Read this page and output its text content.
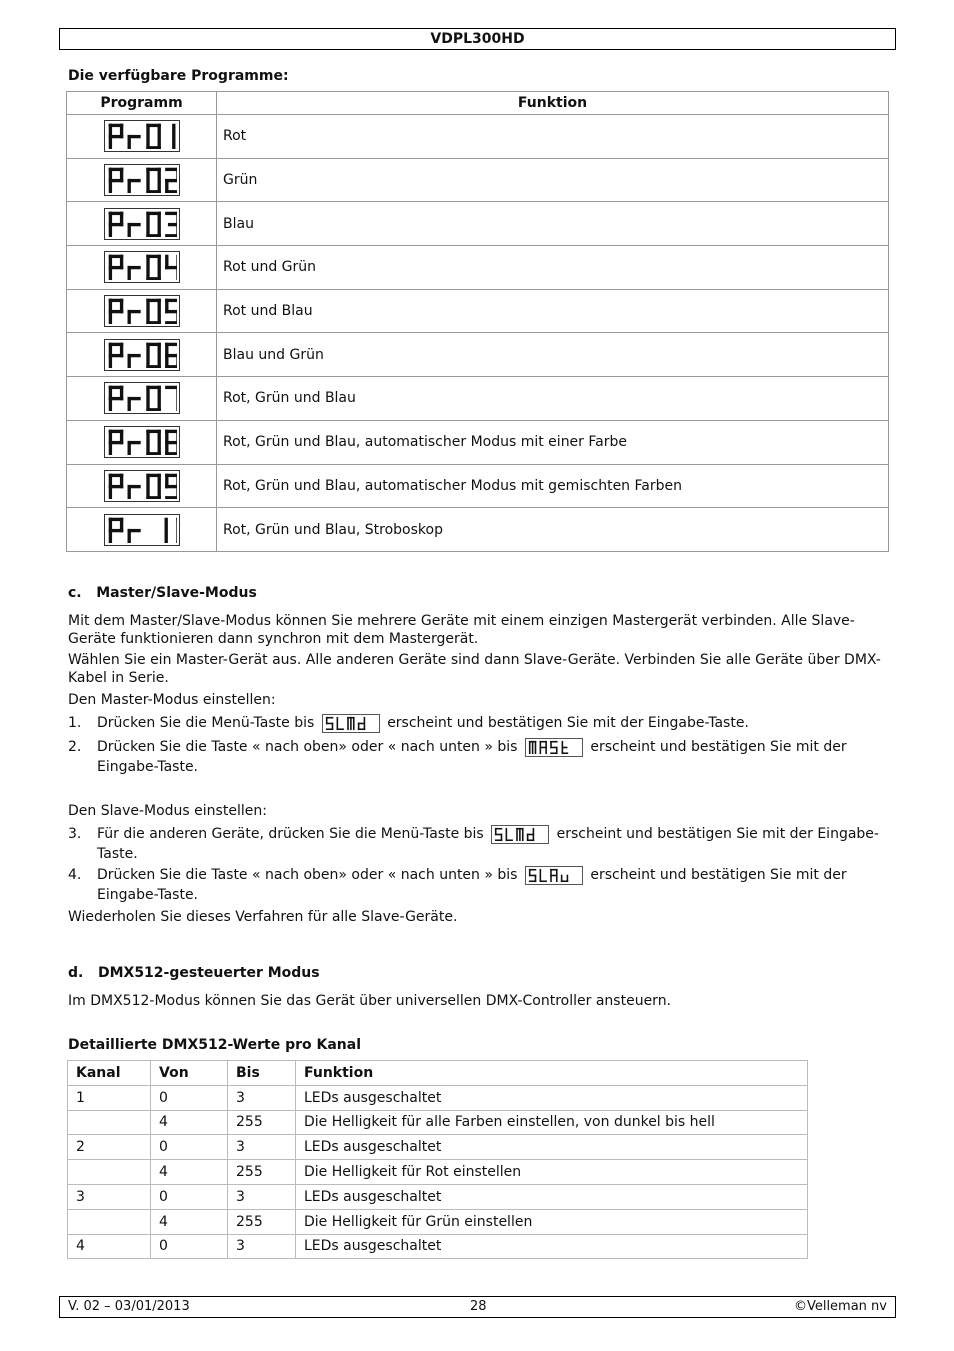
VDPL300HD
Die verfügbare Programme:
Programm	Funktion

	Rot

	Grün

	Blau

	Rot und Grün

	Rot und Blau

	Blau und Grün

	Rot, Grün und Blau

	Rot, Grün und Blau, automatischer Modus mit einer Farbe

	Rot, Grün und Blau, automatischer Modus mit gemischten Farben

	Rot, Grün und Blau, Stroboskop
c. Master/Slave-Modus
Mit dem Master/Slave-Modus können Sie mehrere Geräte mit einem einzigen Mastergerät verbinden. Alle Slave-Geräte funktionieren dann synchron mit dem Mastergerät.
Wählen Sie ein Master-Gerät aus. Alle anderen Geräte sind dann Slave-Geräte. Verbinden Sie alle Geräte über DMX-Kabel in Serie.
Den Master-Modus einstellen:
1.	Drücken Sie die Menü-Taste bis	erscheint und bestätigen Sie mit der Eingabe-Taste.
2.	Drücken Sie die Taste « nach oben» oder « nach unten » bis	erscheint und bestätigen Sie mit der Eingabe-Taste.
Den Slave-Modus einstellen:
3.	Für die anderen Geräte, drücken Sie die Menü-Taste bis	erscheint und bestätigen Sie mit der Eingabe-Taste.
4.	Drücken Sie die Taste « nach oben» oder « nach unten » bis	erscheint und bestätigen Sie mit der Eingabe-Taste.
Wiederholen Sie dieses Verfahren für alle Slave-Geräte.
d. DMX512-gesteuerter Modus
Im DMX512-Modus können Sie das Gerät über universellen DMX-Controller ansteuern.
Detaillierte DMX512-Werte pro Kanal
Kanal	Von	Bis	Funktion
1	0	3	LEDs ausgeschaltet
	4	255	Die Helligkeit für alle Farben einstellen, von dunkel bis hell
2	0	3	LEDs ausgeschaltet
	4	255	Die Helligkeit für Rot einstellen
3	0	3	LEDs ausgeschaltet
	4	255	Die Helligkeit für Grün einstellen
4	0	3	LEDs ausgeschaltet
V. 02 – 03/01/2013	28	©Velleman nv
